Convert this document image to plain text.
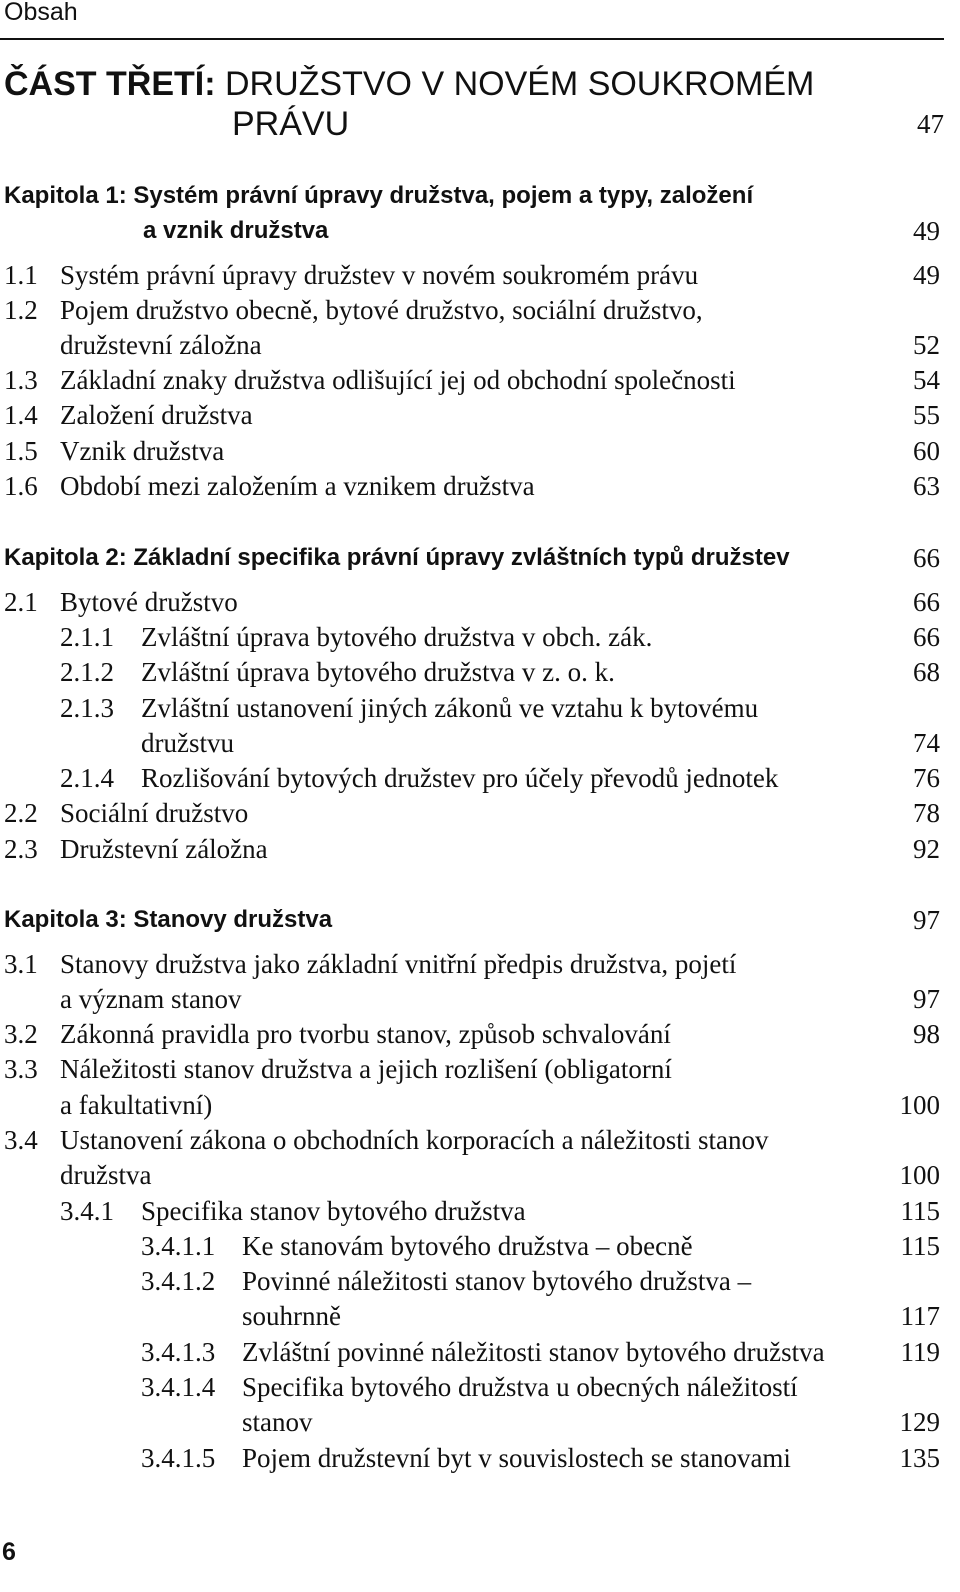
Obsah
ČÁST TŘETÍ: DRUŽSTVO V NOVÉM SOUKROMÉM
PRÁVU	47
Kapitola 1: Systém právní úpravy družstva, pojem a typy, založení
a vznik družstva	49
1.1 Systém právní úpravy družstev v novém soukromém právu	49
1.2 Pojem družstvo obecně, bytové družstvo, sociální družstvo,
družstevní záložna	52
1.3 Základní znaky družstva odlišující jej od obchodní společnosti	54
1.4 Založení družstva	55
1.5 Vznik družstva	60
1.6 Období mezi založením a vznikem družstva	63
Kapitola 2: Základní specifika právní úpravy zvláštních typů družstev	66
2.1 Bytové družstvo	66
2.1.1 Zvláštní úprava bytového družstva v obch. zák.	66
2.1.2 Zvláštní úprava bytového družstva v z. o. k.	68
2.1.3 Zvláštní ustanovení jiných zákonů ve vztahu k bytovému
družstvu	74
2.1.4 Rozlišování bytových družstev pro účely převodů jednotek	76
2.2 Sociální družstvo	78
2.3 Družstevní záložna	92
Kapitola 3: Stanovy družstva	97
3.1 Stanovy družstva jako základní vnitřní předpis družstva, pojetí
a význam stanov	97
3.2 Zákonná pravidla pro tvorbu stanov, způsob schvalování	98
3.3 Náležitosti stanov družstva a jejich rozlišení (obligatorní
a fakultativní)	100
3.4 Ustanovení zákona o obchodních korporacích a náležitosti stanov
družstva	100
3.4.1 Specifika stanov bytového družstva	115
3.4.1.1 Ke stanovám bytového družstva – obecně	115
3.4.1.2 Povinné náležitosti stanov bytového družstva –
souhrnně	117
3.4.1.3 Zvláštní povinné náležitosti stanov bytového družstva	119
3.4.1.4 Specifika bytového družstva u obecných náležitostí
stanov	129
3.4.1.5 Pojem družstevní byt v souvislostech se stanovami	135
6
